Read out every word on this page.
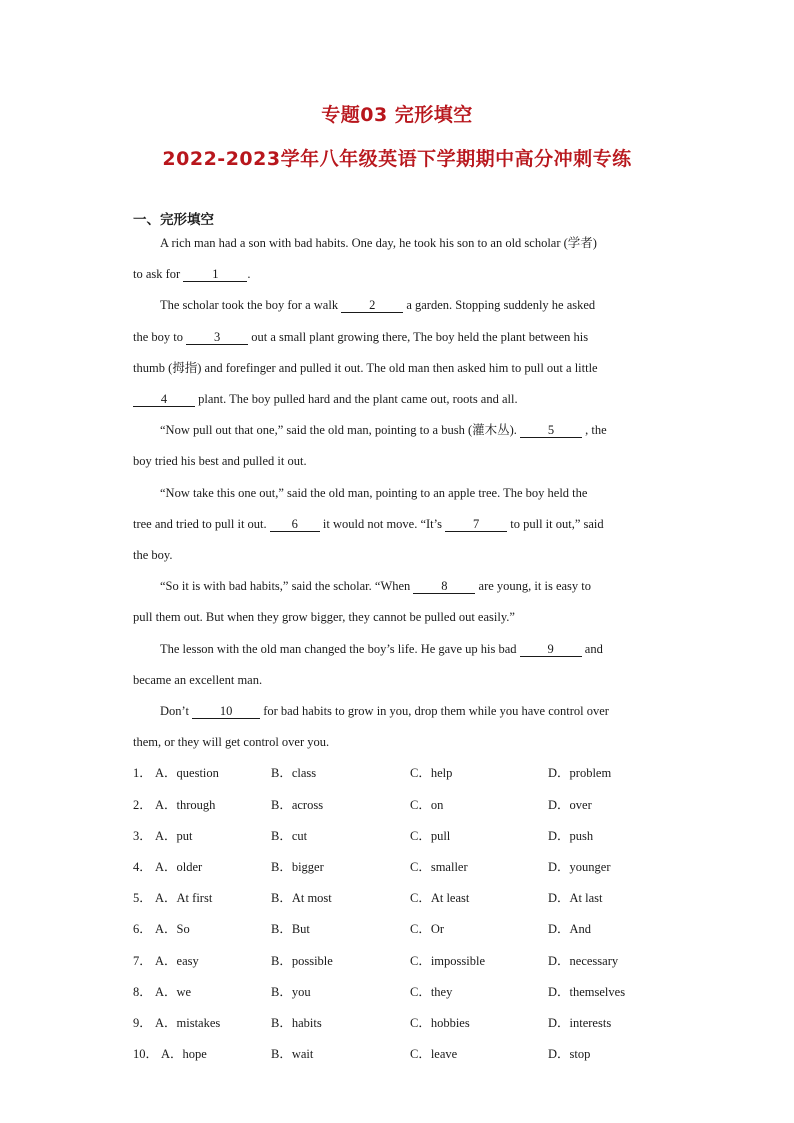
专题03 完形填空
2022-2023学年八年级英语下学期期中高分冲刺专练
一、完形填空
A rich man had a son with bad habits. One day, he took his son to an old scholar (学者)
to ask for 1 .
The scholar took the boy for a walk 2 a garden. Stopping suddenly he asked
the boy to 3 out a small plant growing there, The boy held the plant between his
thumb (拇指) and forefinger and pulled it out. The old man then asked him to pull out a little
4 plant. The boy pulled hard and the plant came out, roots and all.
“Now pull out that one,” said the old man, pointing to a bush (灌木丛). 5 , the
boy tried his best and pulled it out.
“Now take this one out,” said the old man, pointing to an apple tree. The boy held the
tree and tried to pull it out. 6 it would not move. “It’s 7 to pull it out,” said
the boy.
“So it is with bad habits,” said the scholar. “When 8 are young, it is easy to
pull them out. But when they grow bigger, they cannot be pulled out easily.”
The lesson with the old man changed the boy’s life. He gave up his bad 9 and
became an excellent man.
Don’t 10 for bad habits to grow in you, drop them while you have control over
them, or they will get control over you.
1． A．question	B．class	C．help	D．problem
2． A．through	B．across	C．on	D．over
3． A．put	B．cut	C．pull	D．push
4． A．older	B．bigger	C．smaller	D．younger
5． A．At first	B．At most	C．At least	D．At last
6． A．So	B．But	C．Or	D．And
7． A．easy	B．possible	C．impossible	D．necessary
8． A．we	B．you	C．they	D．themselves
9． A．mistakes	B．habits	C．hobbies	D．interests
10． A．hope	B．wait	C．leave	D．stop
